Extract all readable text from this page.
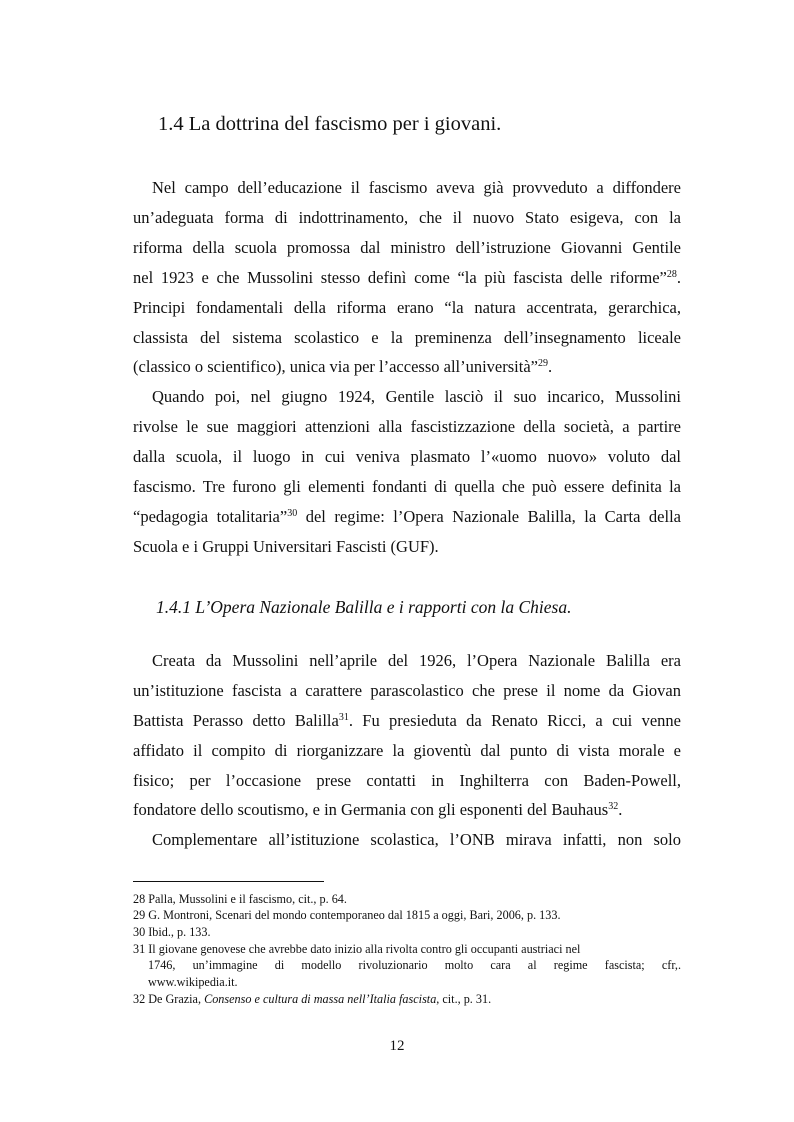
1.4 La dottrina del fascismo per i giovani.
Nel campo dell’educazione il fascismo aveva già provveduto a diffondere
un’adeguata forma di indottrinamento, che il nuovo Stato esigeva, con la
riforma della scuola promossa dal ministro dell’istruzione Giovanni Gentile
nel 1923 e che Mussolini stesso definì come “la più fascista delle riforme”$^{28}$.
Principi fondamentali della riforma erano “la natura accentrata, gerarchica,
classista del sistema scolastico e la preminenza dell’insegnamento liceale
(classico o scientifico), unica via per l’accesso all’università”$^{29}$.
Quando poi, nel giugno 1924, Gentile lasciò il suo incarico, Mussolini
rivolse le sue maggiori attenzioni alla fascistizzazione della società, a partire
dalla scuola, il luogo in cui veniva plasmato l’«uomo nuovo» voluto dal
fascismo. Tre furono gli elementi fondanti di quella che può essere definita la
“pedagogia totalitaria”$^{30}$ del regime: l’Opera Nazionale Balilla, la Carta della
Scuola e i Gruppi Universitari Fascisti (GUF).
1.4.1 L’Opera Nazionale Balilla e i rapporti con la Chiesa.
Creata da Mussolini nell’aprile del 1926, l’Opera Nazionale Balilla era
un’istituzione fascista a carattere parascolastico che prese il nome da Giovan
Battista Perasso detto Balilla$^{31}$. Fu presieduta da Renato Ricci, a cui venne
affidato il compito di riorganizzare la gioventù dal punto di vista morale e
fisico; per l’occasione prese contatti in Inghilterra con Baden-Powell,
fondatore dello scoutismo, e in Germania con gli esponenti del Bauhaus$^{32}$.
Complementare all’istituzione scolastica, l’ONB mirava infatti, non solo
28 Palla, Mussolini e il fascismo, cit., p. 64.
29 G. Montroni, Scenari del mondo contemporaneo dal 1815 a oggi, Bari, 2006, p. 133.
30 Ibid., p. 133.
31 Il giovane genovese che avrebbe dato inizio alla rivolta contro gli occupanti austriaci nel
1746, un’immagine di modello rivoluzionario molto cara al regime fascista; cfr,.
www.wikipedia.it.
32 De Grazia, Consenso e cultura di massa nell’Italia fascista, cit., p. 31.
12
